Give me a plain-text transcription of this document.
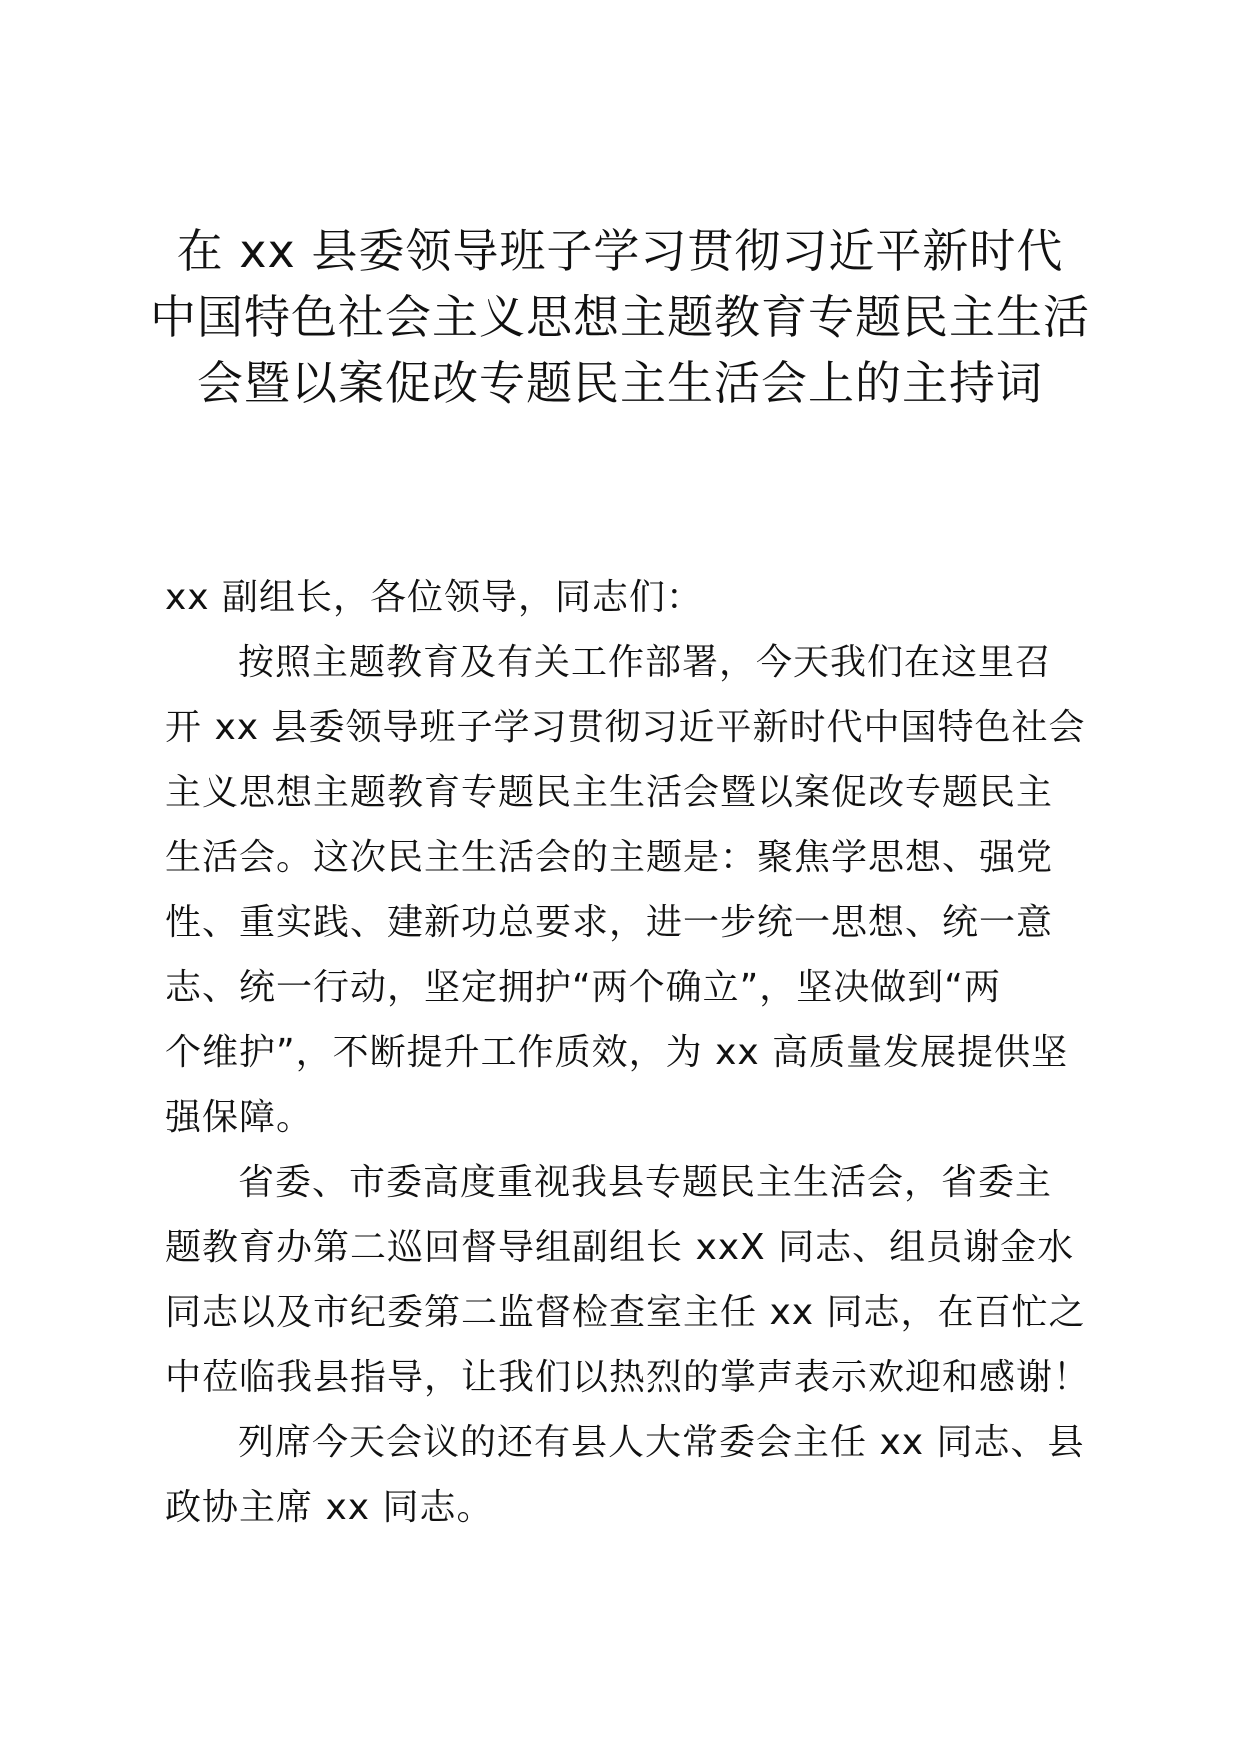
在 xx 县委领导班子学习贯彻习近平新时代
中国特色社会主义思想主题教育专题民主生活
会暨以案促改专题民主生活会上的主持词
xx 副组长，各位领导，同志们：
按照主题教育及有关工作部署，今天我们在这里召
开 xx 县委领导班子学习贯彻习近平新时代中国特色社会
主义思想主题教育专题民主生活会暨以案促改专题民主
生活会。这次民主生活会的主题是：聚焦学思想、强党
性、重实践、建新功总要求，进一步统一思想、统一意
志、统一行动，坚定拥护“两个确立”，坚决做到“两
个维护”，不断提升工作质效，为 xx 高质量发展提供坚
强保障。
省委、市委高度重视我县专题民主生活会，省委主
题教育办第二巡回督导组副组长 xxX 同志、组员谢金水
同志以及市纪委第二监督检查室主任 xx 同志，在百忙之
中莅临我县指导，让我们以热烈的掌声表示欢迎和感谢！
列席今天会议的还有县人大常委会主任 xx 同志、县
政协主席 xx 同志。
